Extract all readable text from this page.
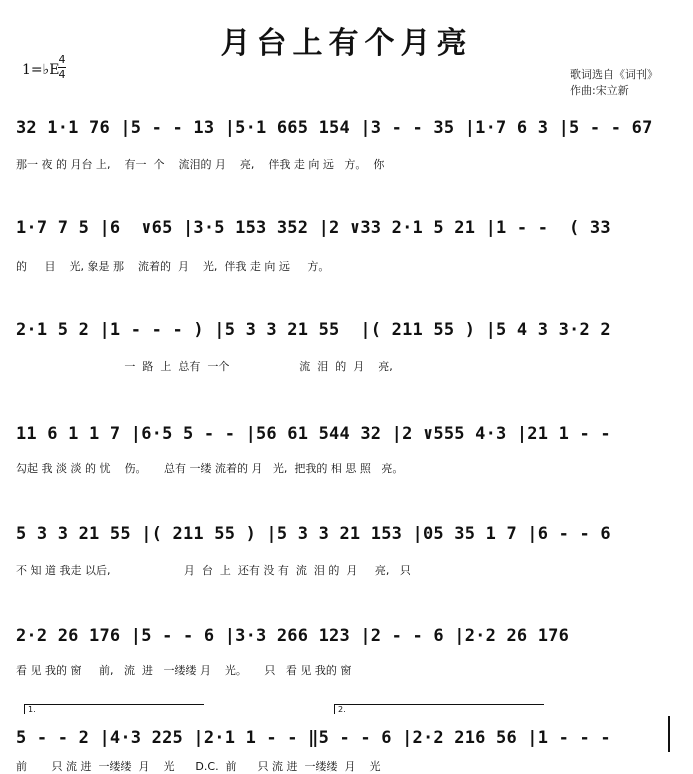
月台上有个月亮
1=♭E
4
4	歌词选自《词刊》
作曲:宋立新
32 1·1 76 |5 - - 13 |5·1 665 154 |3 - - 35 |1·7 6 3 |5 - - 67
那一 夜 的 月台 上,    有一  个    流泪的 月    亮,    伴我 走 向 远   方。  你
1·7 7 5 |6  ∨65 |3·5 153 352 |2 ∨33 2·1 5 21 |1 - -  ( 33
的     目    光, 象是 那    流着的  月    光,  伴我 走 向 远     方。
2·1 5 2 |1 - - - ) |5 3 3 21 55  |( 211 55 ) |5 4 3 3·2 2
一  路  上  总有  一个                    流  泪  的  月    亮,
11 6 1 1 7 |6·5 5 - - |56 61 544 32 |2 ∨555 4·3 |21 1 - -
勾起 我 淡 淡 的 忧    伤。     总有 一缕 流着的 月   光,  把我的 相 思 照   亮。
5 3 3 21 55 |( 211 55 ) |5 3 3 21 153 |05 35 1 7 |6 - - 6
不 知 道 我走 以后,                     月  台  上  还有 没 有  流  泪 的  月     亮,   只
2·2 26 176 |5 - - 6 |3·3 266 123 |2 - - 6 |2·2 26 176
看 见 我的 窗     前,   流  进   一缕缕 月    光。     只   看 见 我的 窗
1.	2.
5 - - 2 |4·3 225 |2·1 1 - - ‖5 - - 6 |2·2 216 56 |1 - - -
前       只 流 进  一缕缕  月    光      D.C.  前      只 流 进  一缕缕  月    光
